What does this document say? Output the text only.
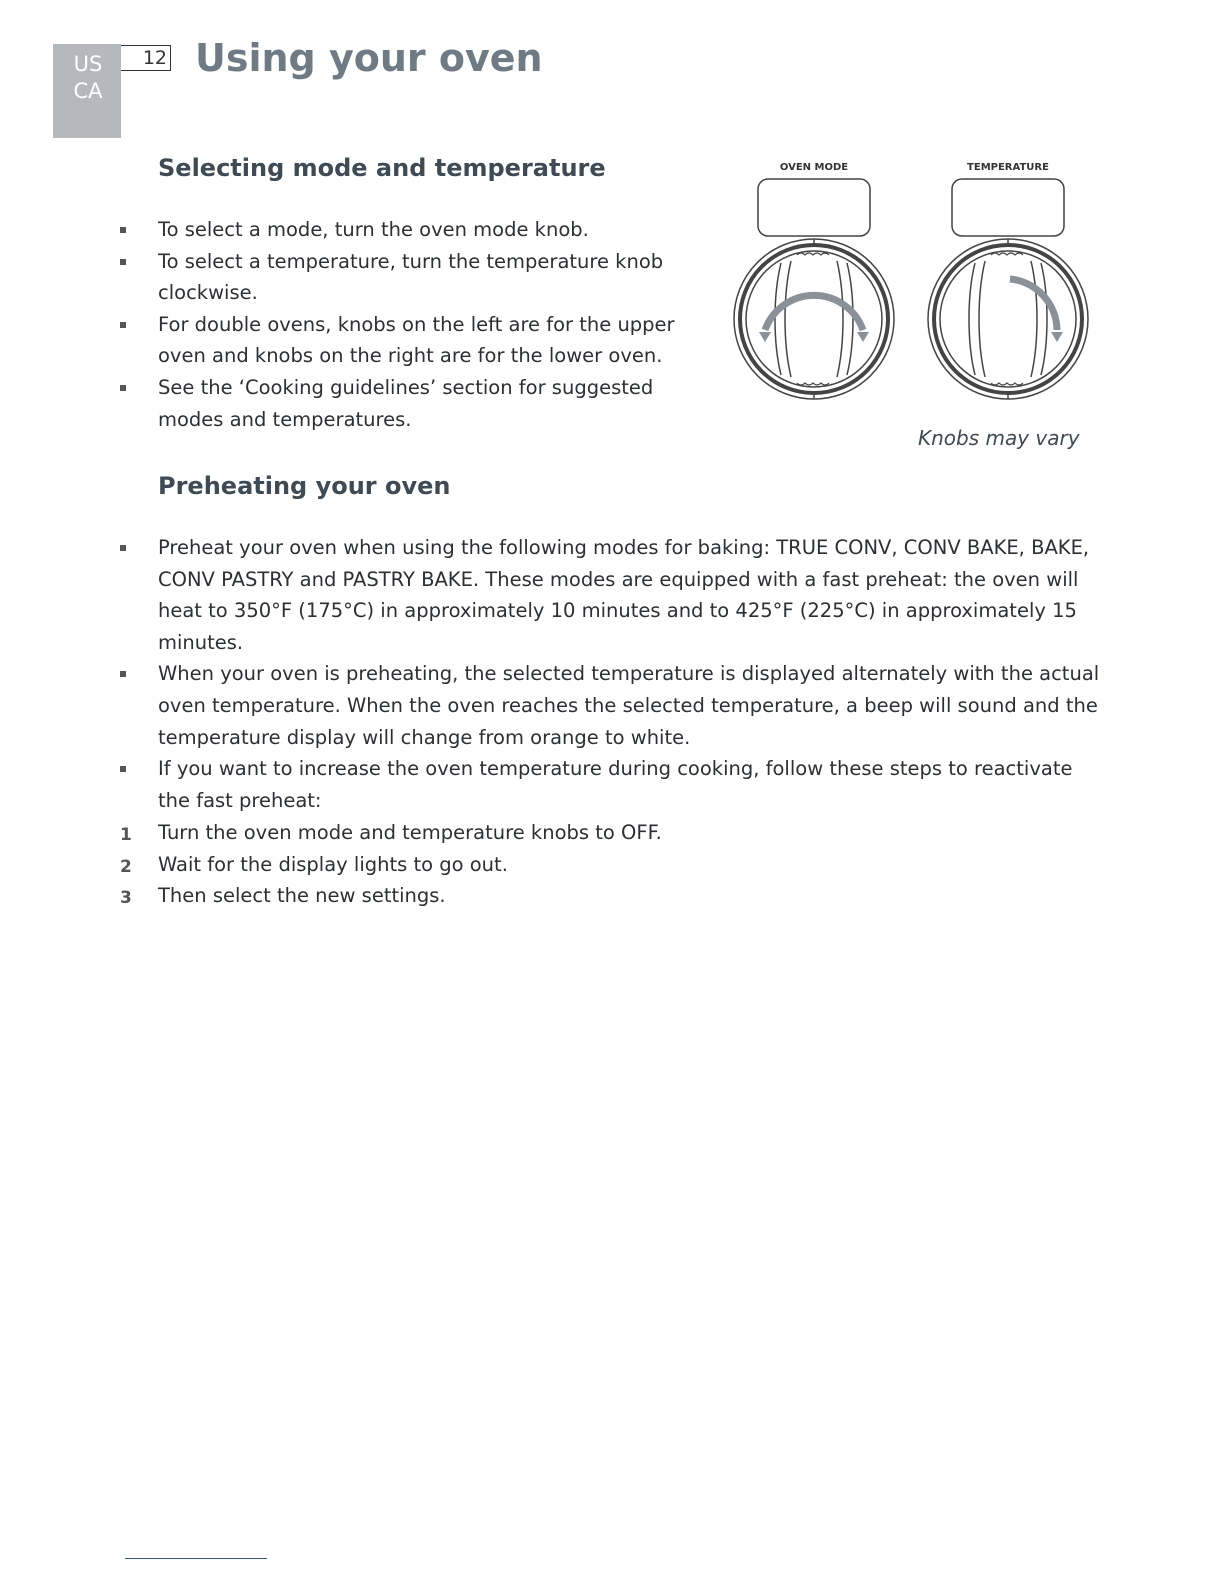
US
CA
12 Using your oven
Selecting mode and temperature
To select a mode, turn the oven mode knob.
To select a temperature, turn the temperature knob clockwise.
For double ovens, knobs on the left are for the upper oven and knobs on the right are for the lower oven.
See the ‘Cooking guidelines’ section for suggested modes and temperatures.
OVEN MODE	TEMPERATURE
Knobs may vary
Preheating your oven
Preheat your oven when using the following modes for baking: TRUE CONV, CONV BAKE, BAKE, CONV PASTRY and PASTRY BAKE. These modes are equipped with a fast preheat: the oven will heat to 350°F (175°C) in approximately 10 minutes and to 425°F (225°C) in approximately 15 minutes.
When your oven is preheating, the selected temperature is displayed alternately with the actual oven temperature. When the oven reaches the selected temperature, a beep will sound and the temperature display will change from orange to white.
If you want to increase the oven temperature during cooking, follow these steps to reactivate the fast preheat:
1 Turn the oven mode and temperature knobs to OFF.
2 Wait for the display lights to go out.
3 Then select the new settings.
